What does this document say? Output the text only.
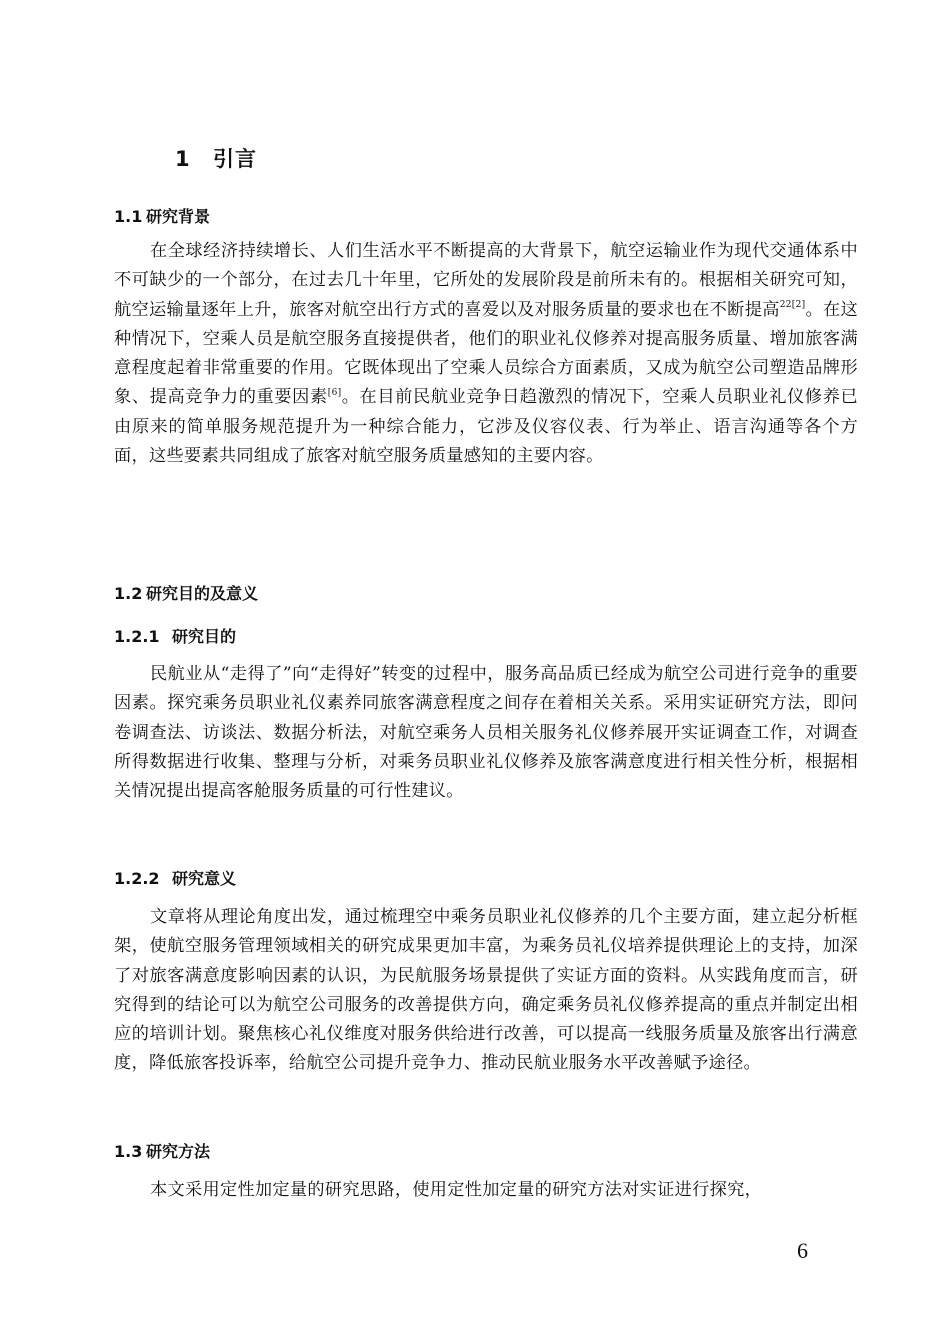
1 引言
1.1 研究背景

在全球经济持续增长、人们生活水平不断提高的大背景下，航空运输业作为现代交通体系中不可缺少的一个部分，在过去几十年里，它所处的发展阶段是前所未有的。根据相关研究可知，航空运输量逐年上升，旅客对航空出行方式的喜爱以及对服务质量的要求也在不断提高$^{22[2]}$。在这种情况下，空乘人员是航空服务直接提供者，他们的职业礼仪修养对提高服务质量、增加旅客满意程度起着非常重要的作用。它既体现出了空乘人员综合方面素质，又成为航空公司塑造品牌形象、提高竞争力的重要因素[6]。在目前民航业竞争日趋激烈的情况下，空乘人员职业礼仪修养已由原来的简单服务规范提升为一种综合能力，它涉及仪容仪表、行为举止、语言沟通等各个方面，这些要素共同组成了旅客对航空服务质量感知的主要内容。

1.2 研究目的及意义
1.2.1 研究目的

民航业从“走得了”向“走得好”转变的过程中，服务高品质已经成为航空公司进行竞争的重要因素。探究乘务员职业礼仪素养同旅客满意程度之间存在着相关关系。采用实证研究方法，即问卷调查法、访谈法、数据分析法，对航空乘务人员相关服务礼仪修养展开实证调查工作，对调查所得数据进行收集、整理与分析，对乘务员职业礼仪修养及旅客满意度进行相关性分析，根据相关情况提出提高客舱服务质量的可行性建议。

1.2.2 研究意义

文章将从理论角度出发，通过梳理空中乘务员职业礼仪修养的几个主要方面，建立起分析框架，使航空服务管理领域相关的研究成果更加丰富，为乘务员礼仪培养提供理论上的支持，加深了对旅客满意度影响因素的认识，为民航服务场景提供了实证方面的资料。从实践角度而言，研究得到的结论可以为航空公司服务的改善提供方向，确定乘务员礼仪修养提高的重点并制定出相应的培训计划。聚焦核心礼仪维度对服务供给进行改善，可以提高一线服务质量及旅客出行满意度，降低旅客投诉率，给航空公司提升竞争力、推动民航业服务水平改善赋予途径。

1.3 研究方法

本文采用定性加定量的研究思路，使用定性加定量的研究方法对实证进行探究，

6
